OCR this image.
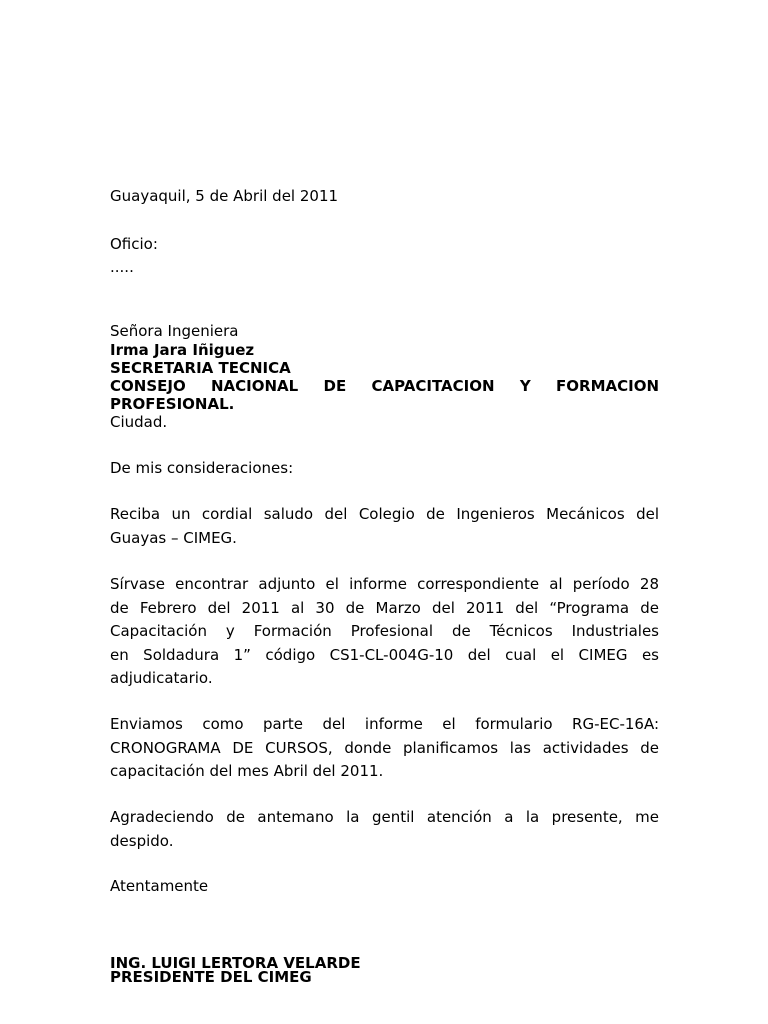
Guayaquil, 5 de Abril del 2011
Oficio:
.....
Señora Ingeniera
Irma Jara Iñiguez
SECRETARIA TECNICA
CONSEJO NACIONAL DE CAPACITACION Y FORMACION
PROFESIONAL.
Ciudad.
De mis consideraciones:
Reciba un cordial saludo del Colegio de Ingenieros Mecánicos del
Guayas – CIMEG.
Sírvase encontrar adjunto el informe correspondiente al período 28
de Febrero del 2011 al 30 de Marzo del 2011 del “Programa de
Capacitación y Formación Profesional de Técnicos Industriales
en Soldadura 1” código CS1-CL-004G-10 del cual el CIMEG es
adjudicatario.
Enviamos como parte del informe el formulario RG-EC-16A:
CRONOGRAMA DE CURSOS, donde planificamos las actividades de
capacitación del mes Abril del 2011.
Agradeciendo de antemano la gentil atención a la presente, me
despido.
Atentamente
ING. LUIGI LERTORA VELARDE
PRESIDENTE DEL CIMEG
